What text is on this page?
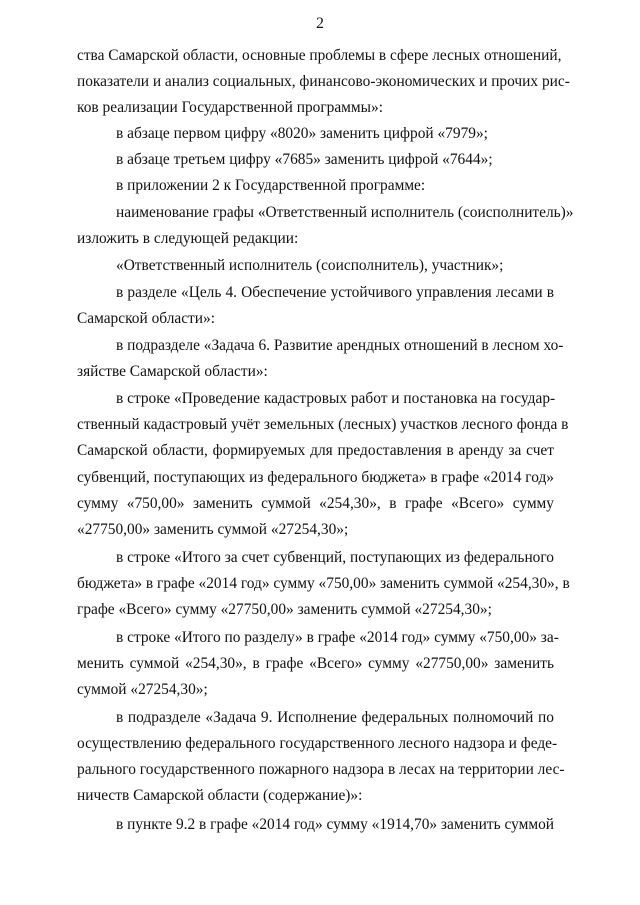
2
ства Самарской области, основные проблемы в сфере лесных отношений,
показатели и анализ социальных, финансово-экономических и прочих рис-
ков реализации Государственной программы»:
в абзаце первом цифру «8020» заменить цифрой «7979»;
в абзаце третьем цифру «7685» заменить цифрой «7644»;
в приложении 2 к Государственной программе:
наименование графы «Ответственный исполнитель (соисполнитель)»
изложить в следующей редакции:
«Ответственный исполнитель (соисполнитель), участник»;
в разделе «Цель 4. Обеспечение устойчивого управления лесами в
Самарской области»:
в подразделе «Задача 6. Развитие арендных отношений в лесном хо-
зяйстве Самарской области»:
в строке «Проведение кадастровых работ и постановка на государ-
ственный кадастровый учёт земельных (лесных) участков лесного фонда в
Самарской области, формируемых для предоставления в аренду за счет
субвенций, поступающих из федерального бюджета» в графе «2014 год»
сумму «750,00» заменить суммой «254,30», в графе «Всего» сумму
«27750,00» заменить суммой «27254,30»;
в строке «Итого за счет субвенций, поступающих из федерального
бюджета» в графе «2014 год» сумму «750,00» заменить суммой «254,30», в
графе «Всего» сумму «27750,00» заменить суммой «27254,30»;
в строке «Итого по разделу» в графе «2014 год» сумму «750,00» за-
менить суммой «254,30», в графе «Всего» сумму «27750,00» заменить
суммой «27254,30»;
в подразделе «Задача 9. Исполнение федеральных полномочий по
осуществлению федерального государственного лесного надзора и феде-
рального государственного пожарного надзора в лесах на территории лес-
ничеств Самарской области (содержание)»:
в пункте 9.2 в графе «2014 год» сумму «1914,70» заменить суммой
